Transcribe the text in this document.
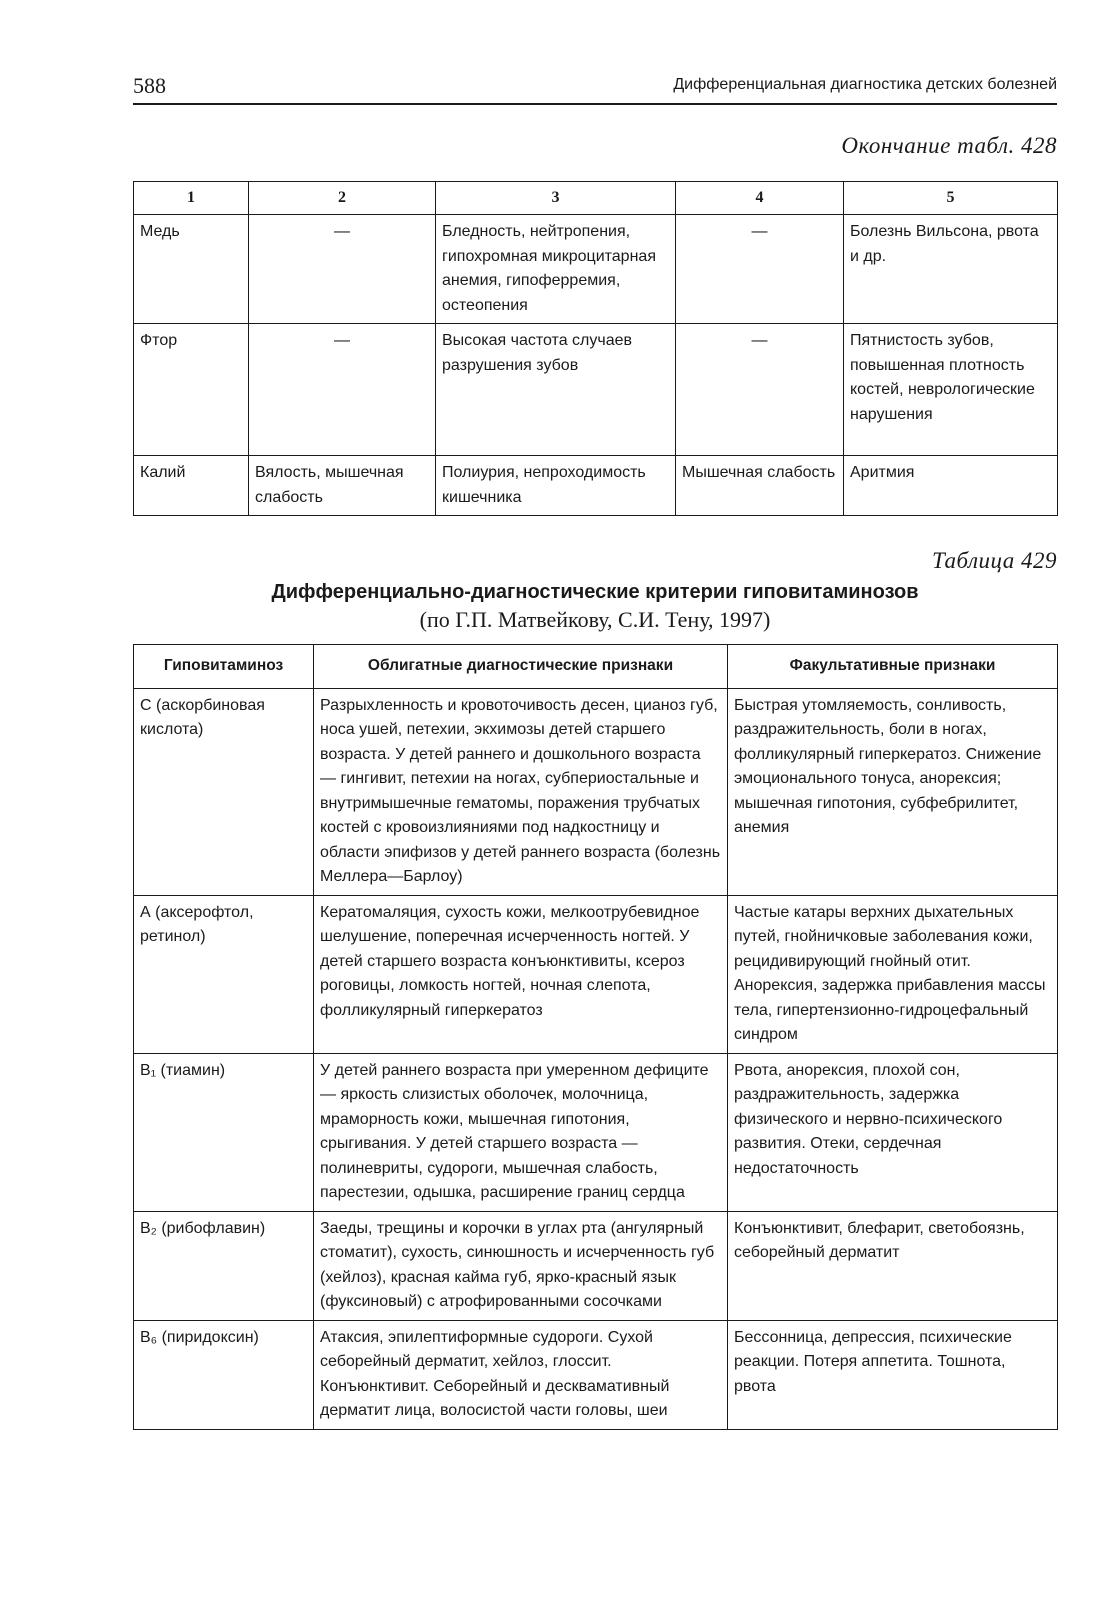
588	Дифференциальная диагностика детских болезней
Окончание табл. 428
1	2	3	4	5
Медь	—	Бледность, нейтропения, гипохромная микроцитарная анемия, гипоферремия, остеопения	—	Болезнь Вильсона, рвота и др.
Фтор	—	Высокая частота случаев разрушения зубов	—	Пятнистость зубов, повышенная плотность костей, неврологические нарушения
Калий	Вялость, мышечная слабость	Полиурия, непроходимость кишечника	Мышечная слабость	Аритмия
Таблица 429
Дифференциально-диагностические критерии гиповитаминозов
(по Г.П. Матвейкову, С.И. Тену, 1997)
Гиповитаминоз	Облигатные диагностические признаки	Факультативные признаки
С (аскорбиновая кислота)	Разрыхленность и кровоточивость десен, цианоз губ, носа ушей, петехии, экхимозы детей старшего возраста. У детей раннего и дошкольного возраста — гингивит, петехии на ногах, субпериостальные и внутримышечные гематомы, поражения трубчатых костей с кровоизлияниями под надкостницу и области эпифизов у детей раннего возраста (болезнь Меллера—Барлоу)	Быстрая утомляемость, сонливость, раздражительность, боли в ногах, фолликулярный гиперкератоз. Снижение эмоционального тонуса, анорексия; мышечная гипотония, субфебрилитет, анемия
А (аксерофтол, ретинол)	Кератомаляция, сухость кожи, мелкоотрубевидное шелушение, поперечная исчерченность ногтей. У детей старшего возраста конъюнктивиты, ксероз роговицы, ломкость ногтей, ночная слепота, фолликулярный гиперкератоз	Частые катары верхних дыхательных путей, гнойничковые заболевания кожи, рецидивирующий гнойный отит. Анорексия, задержка прибавления массы тела, гипертензионно-гидроцефальный синдром
В₁ (тиамин)	У детей раннего возраста при умеренном дефиците — яркость слизистых оболочек, молочница, мраморность кожи, мышечная гипотония, срыгивания. У детей старшего возраста — полиневриты, судороги, мышечная слабость, парестезии, одышка, расширение границ сердца	Рвота, анорексия, плохой сон, раздражительность, задержка физического и нервно-психического развития. Отеки, сердечная недостаточность
В₂ (рибофлавин)	Заеды, трещины и корочки в углах рта (ангулярный стоматит), сухость, синюшность и исчерченность губ (хейлоз), красная кайма губ, ярко-красный язык (фуксиновый) с атрофированными сосочками	Конъюнктивит, блефарит, светобоязнь, себорейный дерматит
В₆ (пиридоксин)	Атаксия, эпилептиформные судороги. Сухой себорейный дерматит, хейлоз, глоссит. Конъюнктивит. Себорейный и десквамативный дерматит лица, волосистой части головы, шеи	Бессонница, депрессия, психические реакции. Потеря аппетита. Тошнота, рвота
